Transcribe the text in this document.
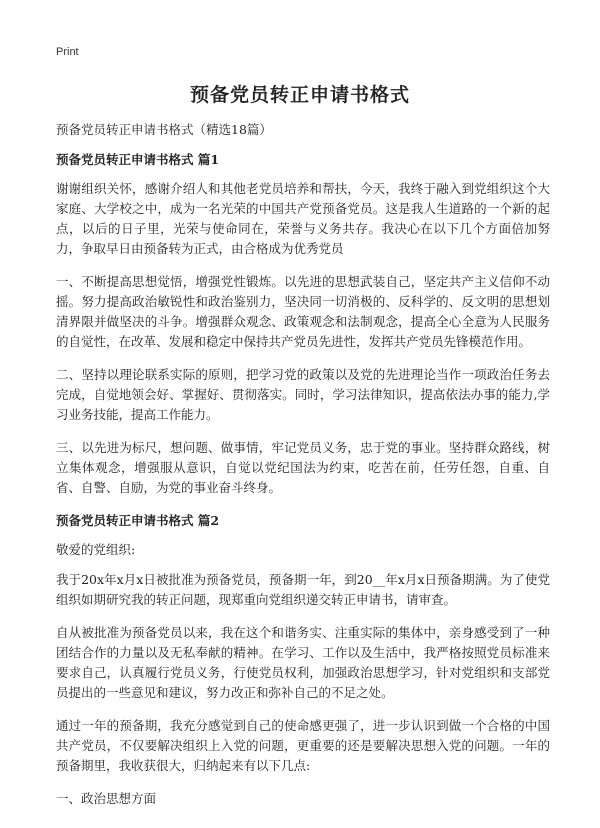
Print
预备党员转正申请书格式

预备党员转正申请书格式（精选18篇）

预备党员转正申请书格式 篇1

谢谢组织关怀，感谢介绍人和其他老党员培养和帮扶，今天，我终于融入到党组织这个大家庭、大学校之中，成为一名光荣的中国共产党预备党员。这是我人生道路的一个新的起点，以后的日子里，光荣与使命同在，荣誉与义务共存。我决心在以下几个方面倍加努力，争取早日由预备转为正式，由合格成为优秀党员

一、不断提高思想觉悟，增强党性锻炼。以先进的思想武装自己，坚定共产主义信仰不动摇。努力提高政治敏锐性和政治鉴别力，坚决同一切消极的、反科学的、反文明的思想划清界限并做坚决的斗争。增强群众观念、政策观念和法制观念，提高全心全意为人民服务的自觉性，在改革、发展和稳定中保持共产党员先进性，发挥共产党员先锋模范作用。

二、坚持以理论联系实际的原则，把学习党的政策以及党的先进理论当作一项政治任务去完成，自觉地领会好、掌握好、贯彻落实。同时，学习法律知识，提高依法办事的能力,学习业务技能，提高工作能力。

三、以先进为标尺，想问题、做事情，牢记党员义务，忠于党的事业。坚持群众路线，树立集体观念，增强服从意识，自觉以党纪国法为约束，吃苦在前，任劳任怨，自重、自省、自警、自励，为党的事业奋斗终身。

预备党员转正申请书格式 篇2

敬爱的党组织:

我于20x年x月x日被批准为预备党员，预备期一年，到20__年x月x日预备期满。为了使党组织如期研究我的转正问题，现郑重向党组织递交转正申请书，请审查。

自从被批准为预备党员以来，我在这个和谐务实、注重实际的集体中，亲身感受到了一种团结合作的力量以及无私奉献的精神。在学习、工作以及生活中，我严格按照党员标准来要求自己，认真履行党员义务，行使党员权利，加强政治思想学习，针对党组织和支部党员提出的一些意见和建议，努力改正和弥补自己的不足之处。

通过一年的预备期，我充分感觉到自己的使命感更强了，进一步认识到做一个合格的中国共产党员，不仅要解决组织上入党的问题，更重要的还是要解决思想入党的问题。一年的预备期里，我收获很大，归纳起来有以下几点:

一、政治思想方面
